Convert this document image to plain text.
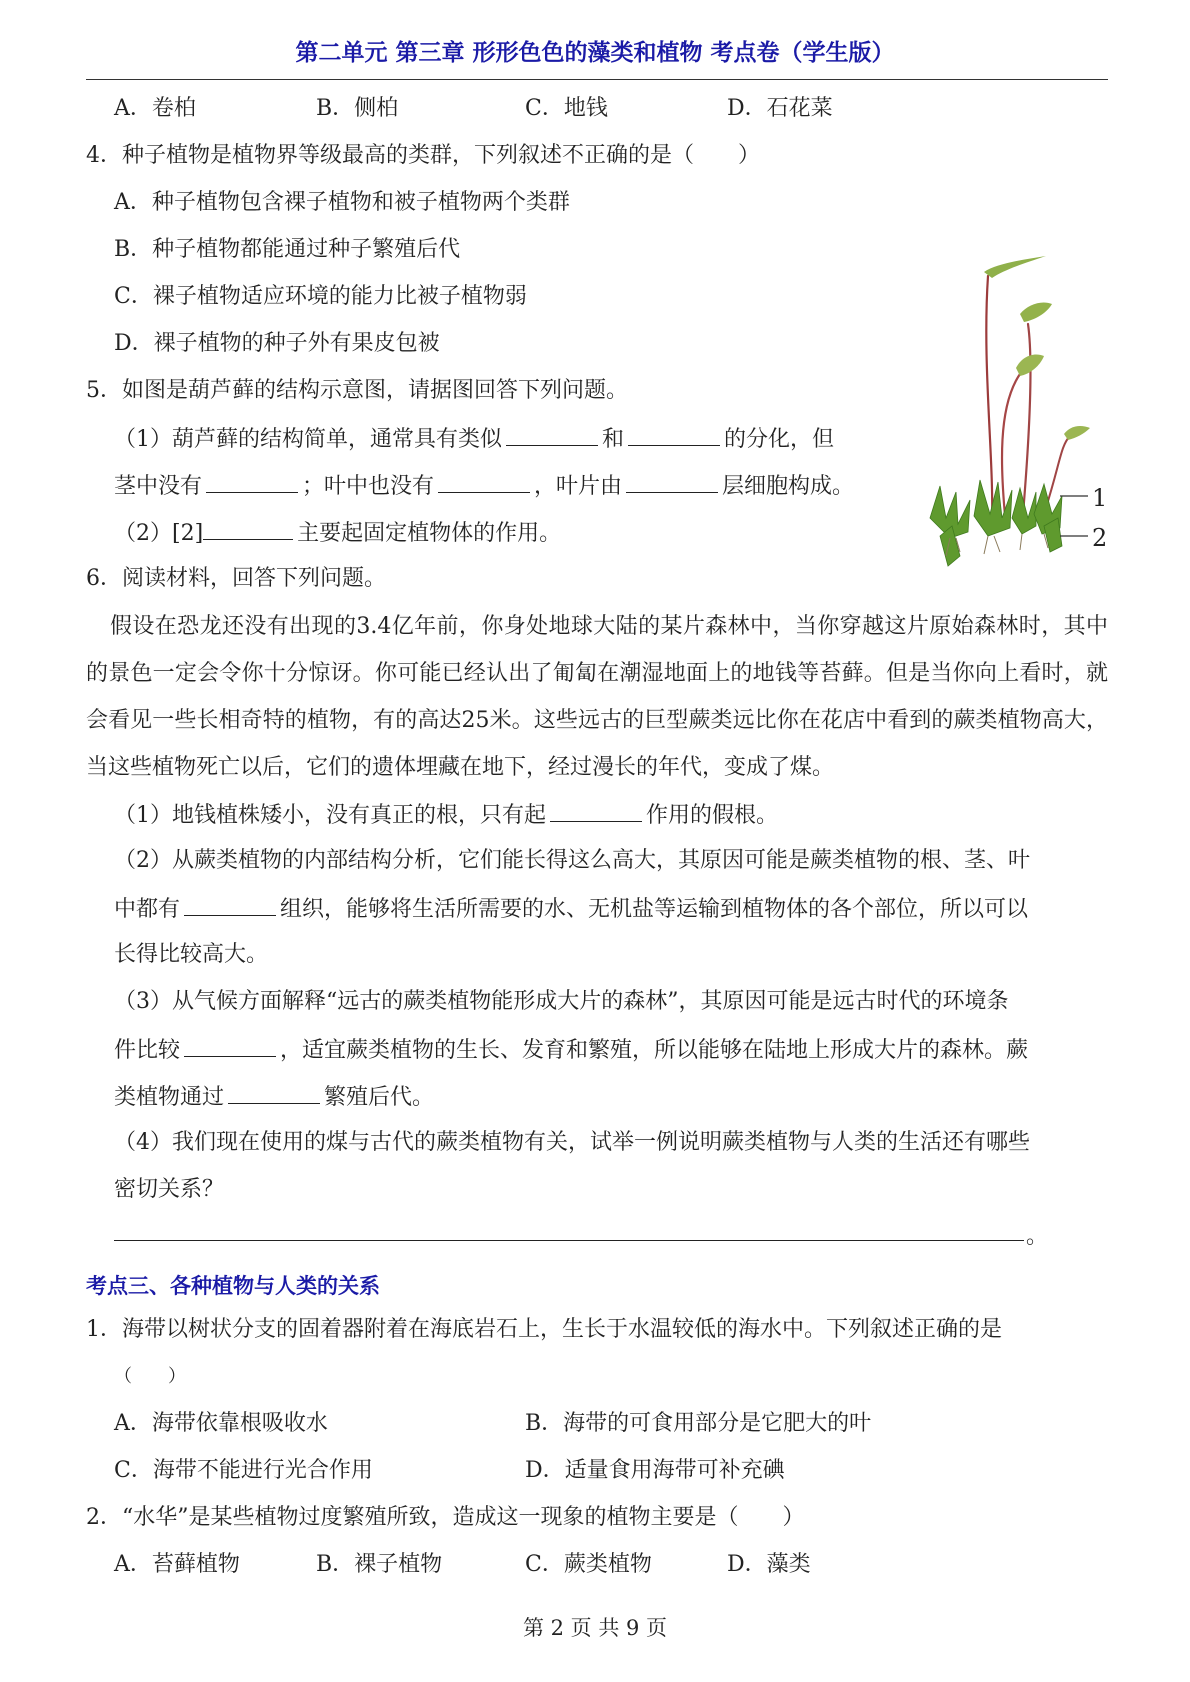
第二单元 第三章 形形色色的藻类和植物 考点卷（学生版）
A．卷柏	B．侧柏	C．地钱	D．石花菜
4．种子植物是植物界等级最高的类群，下列叙述不正确的是（　　）
A．种子植物包含裸子植物和被子植物两个类群
B．种子植物都能通过种子繁殖后代
C．裸子植物适应环境的能力比被子植物弱
D．裸子植物的种子外有果皮包被
5．如图是葫芦藓的结构示意图，请据图回答下列问题。
（1）葫芦藓的结构简单，通常具有类似	和	的分化，但
茎中没有	；叶中也没有	，叶片由	层细胞构成。
（2）[2]	主要起固定植物体的作用。
1
2
6．阅读材料，回答下列问题。
假设在恐龙还没有出现的3.4亿年前，你身处地球大陆的某片森林中，当你穿越这片原始森林时，其中的景色一定会令你十分惊讶。你可能已经认出了匍匐在潮湿地面上的地钱等苔藓。但是当你向上看时，就会看见一些长相奇特的植物，有的高达25米。这些远古的巨型蕨类远比你在花店中看到的蕨类植物高大，当这些植物死亡以后，它们的遗体埋藏在地下，经过漫长的年代，变成了煤。
（1）地钱植株矮小，没有真正的根，只有起	作用的假根。
（2）从蕨类植物的内部结构分析，它们能长得这么高大，其原因可能是蕨类植物的根、茎、叶
中都有	组织，能够将生活所需要的水、无机盐等运输到植物体的各个部位，所以可以
长得比较高大。
（3）从气候方面解释“远古的蕨类植物能形成大片的森林”，其原因可能是远古时代的环境条
件比较	，适宜蕨类植物的生长、发育和繁殖，所以能够在陆地上形成大片的森林。蕨
类植物通过	繁殖后代。
（4）我们现在使用的煤与古代的蕨类植物有关，试举一例说明蕨类植物与人类的生活还有哪些
密切关系？
。
考点三、各种植物与人类的关系
1．海带以树状分支的固着器附着在海底岩石上，生长于水温较低的海水中。下列叙述正确的是
（　　）
A．海带依靠根吸收水	B．海带的可食用部分是它肥大的叶
C．海带不能进行光合作用	D．适量食用海带可补充碘
2．“水华”是某些植物过度繁殖所致，造成这一现象的植物主要是（　　）
A．苔藓植物	B．裸子植物	C．蕨类植物	D．藻类
第 2 页 共 9 页
